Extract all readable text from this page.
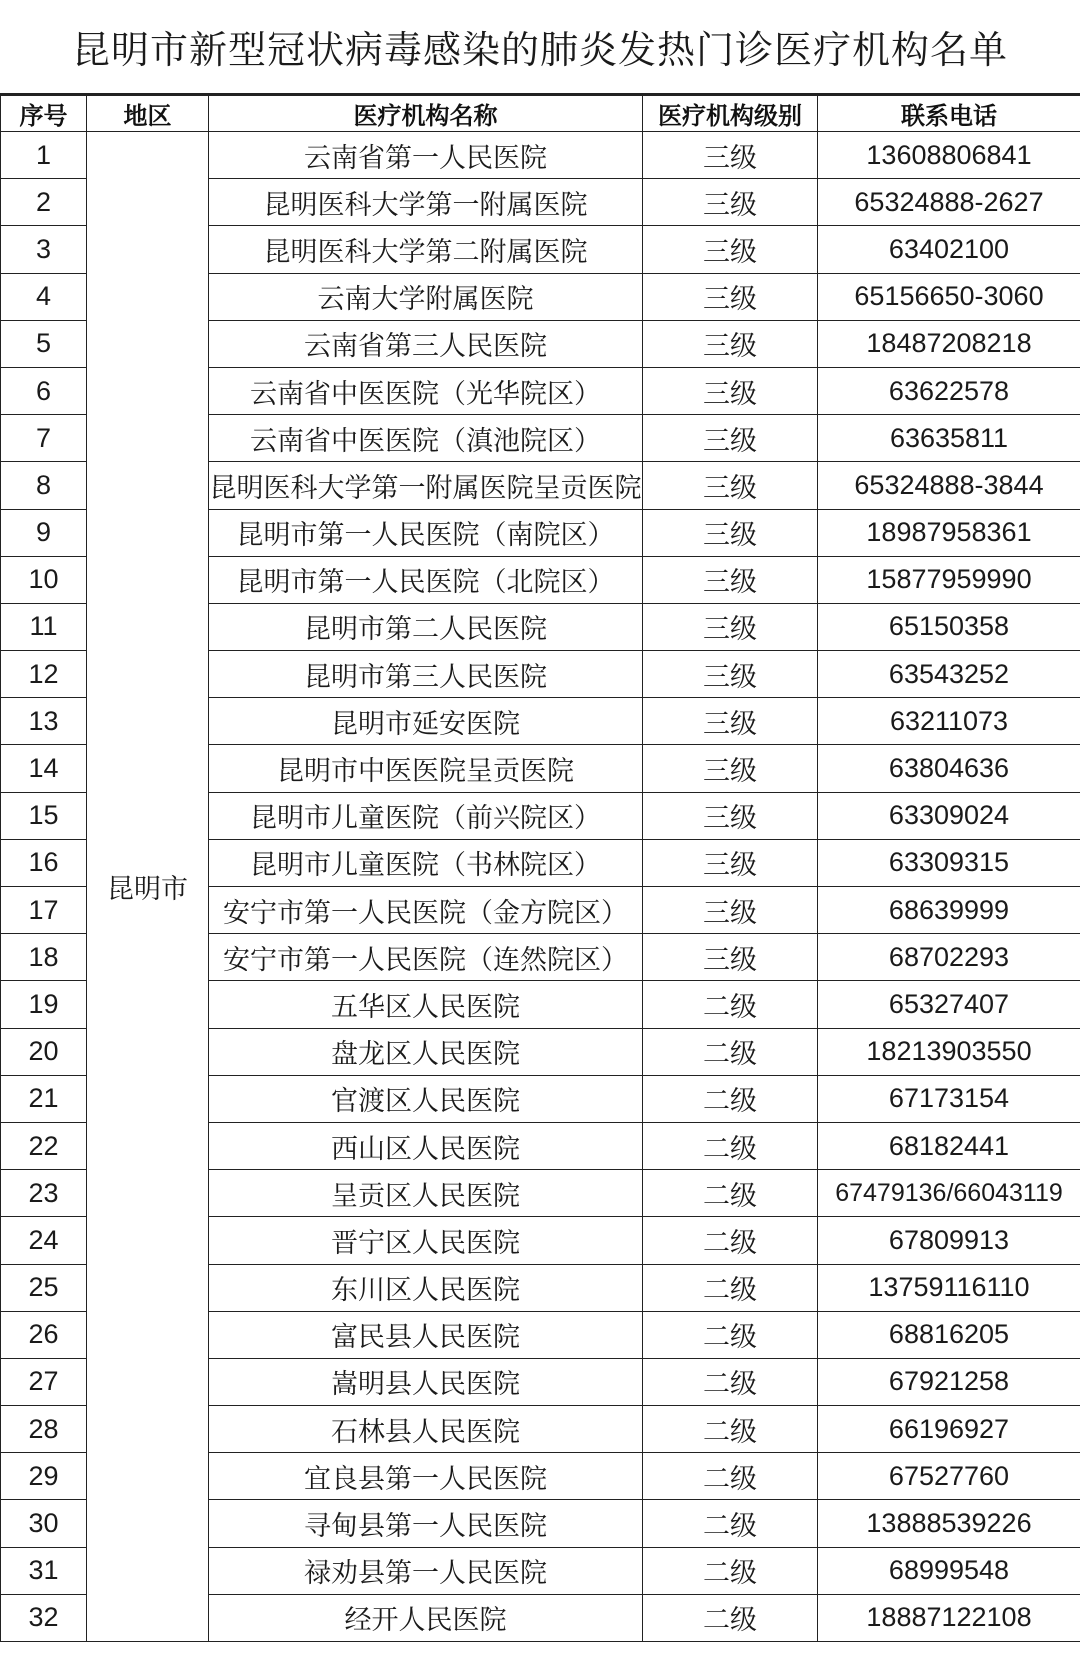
昆明市新型冠状病毒感染的肺炎发热门诊医疗机构名单
序号	地区	医疗机构名称	医疗机构级别	联系电话
1	昆明市	云南省第一人民医院	三级	13608806841
2		昆明医科大学第一附属医院	三级	65324888-2627
3		昆明医科大学第二附属医院	三级	63402100
4		云南大学附属医院	三级	65156650-3060
5		云南省第三人民医院	三级	18487208218
6		云南省中医医院（光华院区）	三级	63622578
7		云南省中医医院（滇池院区）	三级	63635811
8		昆明医科大学第一附属医院呈贡医院	三级	65324888-3844
9		昆明市第一人民医院（南院区）	三级	18987958361
10		昆明市第一人民医院（北院区）	三级	15877959990
11		昆明市第二人民医院	三级	65150358
12		昆明市第三人民医院	三级	63543252
13		昆明市延安医院	三级	63211073
14		昆明市中医医院呈贡医院	三级	63804636
15		昆明市儿童医院（前兴院区）	三级	63309024
16		昆明市儿童医院（书林院区）	三级	63309315
17		安宁市第一人民医院（金方院区）	三级	68639999
18		安宁市第一人民医院（连然院区）	三级	68702293
19		五华区人民医院	二级	65327407
20		盘龙区人民医院	二级	18213903550
21		官渡区人民医院	二级	67173154
22		西山区人民医院	二级	68182441
23		呈贡区人民医院	二级	67479136/66043119
24		晋宁区人民医院	二级	67809913
25		东川区人民医院	二级	13759116110
26		富民县人民医院	二级	68816205
27		嵩明县人民医院	二级	67921258
28		石林县人民医院	二级	66196927
29		宜良县第一人民医院	二级	67527760
30		寻甸县第一人民医院	二级	13888539226
31		禄劝县第一人民医院	二级	68999548
32		经开人民医院	二级	18887122108
